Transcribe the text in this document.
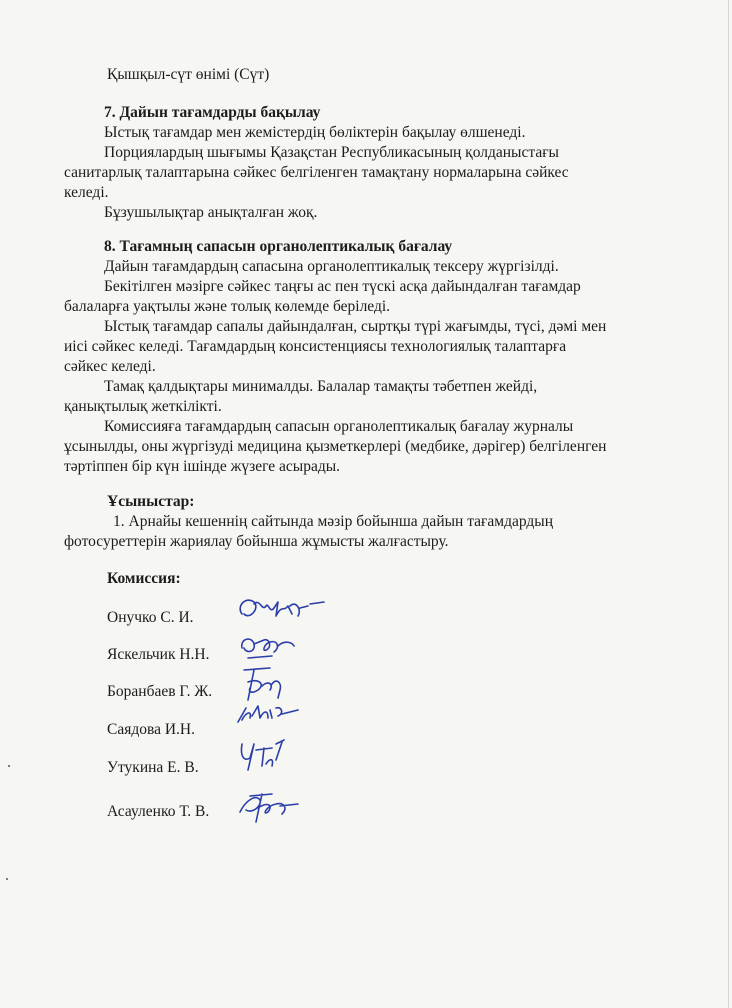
Қышқыл-сүт өнімі (Сүт)
7. Дайын тағамдарды бақылау
Ыстық тағамдар мен жемістердің бөліктерін бақылау өлшенеді.
Порциялардың шығымы Қазақстан Республикасының қолданыстағы
санитарлық талаптарына сәйкес белгіленген тамақтану нормаларына сәйкес
келеді.
Бұзушылықтар анықталған жоқ.
8. Тағамның сапасын органолептикалық бағалау
Дайын тағамдардың сапасына органолептикалық тексеру жүргізілді.
Бекітілген мәзірге сәйкес таңғы ас пен түскі асқа дайындалған тағамдар
балаларға уақтылы және толық көлемде беріледі.
Ыстық тағамдар сапалы дайындалған, сыртқы түрі жағымды, түсі, дәмі мен
иісі сәйкес келеді. Тағамдардың консистенциясы технологиялық талаптарға
сәйкес келеді.
Тамақ қалдықтары минималды. Балалар тамақты тәбетпен жейді,
қанықтылық жеткілікті.
Комиссияға тағамдардың сапасын органолептикалық бағалау журналы
ұсынылды, оны жүргізуді медицина қызметкерлері (медбике, дәрігер) белгіленген
тәртіппен бір күн ішінде жүзеге асырады.
Ұсыныстар:
1. Арнайы кешеннің сайтында мәзір бойынша дайын тағамдардың
фотосуреттерін жариялау бойынша жұмысты жалғастыру.
Комиссия:
Онучко С. И.
Яскельчик Н.Н.
Боранбаев Г. Ж.
Саядова И.Н.
Утукина Е. В.
Асауленко Т. В.
